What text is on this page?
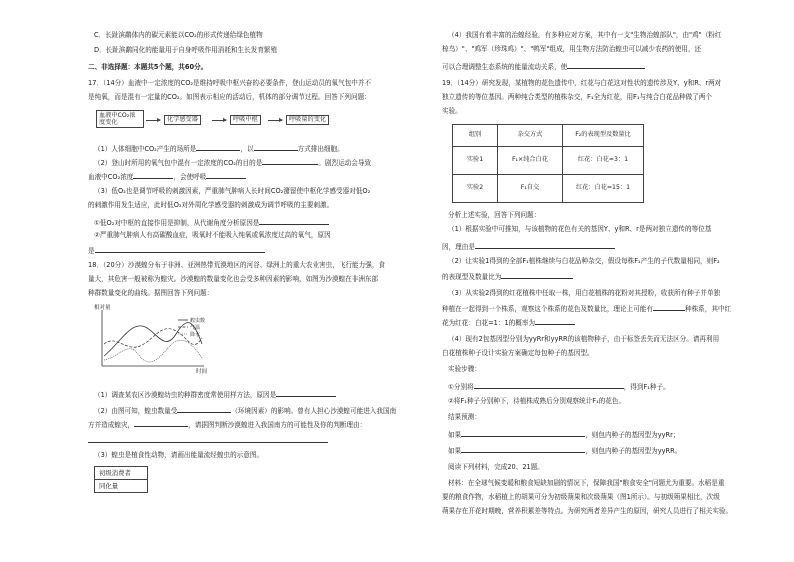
C．长趾滨鹬体内的碳元素能以CO₂的形式传递给绿色植物
D．长趾滨鹬同化的能量用于自身呼吸作用消耗和生长发育繁殖
二、非选择题：本题共5个题，共60分。
17．（14分）血液中一定浓度的CO₂是维持呼吸中枢兴奋的必要条件，登山运动员的氧气包中并不
是纯氧，而是混有一定量的CO₂。如图表示相应的活动后，机体的部分调节过程。回答下列问题：
血液中CO₂浓度变化	化学感受器	呼吸中枢	呼吸量的变化
（1）人体细胞中CO₂产生的场所是	，以	方式排出细胞。
（2）登山时所用的氧气包中混有一定浓度的CO₂的目的是	。剧烈运动会导致
血液中CO₂浓度	，会使呼吸
（3）低O₂也是调节呼吸的刺激因素，严重肺气肿病人长时间CO₂潴留使中枢化学感受器对低O₂
的刺激作用发生适应，此时低O₂对外周化学感受器的刺激成为调节呼吸的主要刺激。
①低O₂对中枢的直接作用是抑制，从代谢角度分析原因是
②严重肺气肿病人有高碳酸血症，吸氧时不能吸入纯氧或氧浓度过高的氧气，原因
是
18．（20分）沙漠蝗分布于非洲、亚洲热带荒漠地区的河谷、绿洲上的重大农业害虫，飞行能力强，食
量大，其危害一般被称为蝗灾。沙漠蝗的数量变化也会受多种因素的影响，如图为沙漠蝗在非洲东部
种群数量变化的曲线。据图回答下列问题：
相对量
时间
蝗虫数
气温
降水
（1）调查某农区沙漠蝗幼虫的种群密度常使用样方法，原因是
（2）由图可知，蝗虫数量受	（环境因素）的影响。曾有人担心沙漠蝗可能进入我国南
方并造成蝗灾，	，请据图判断沙漠蝗进入我国南方的可能性及你的判断理由：
（3）蝗虫是植食性动物，请画出能量流经蝗虫的示意图。
初级消费者
同化量
（4）我国有着丰富的治蝗经验，有多种应对方案，其中有一支"生物治蝗部队"，由"鸡"（粉红
椋鸟）"、"鸡军（珍珠鸡）"、"鸭军"组成，用生物方法防治蝗虫可以减少农药的使用，还
可以合理调整生态系统的能量流动关系，使
19．（14分）研究发现，某植物的花色遗传中，红花与白花这对性状的遗传涉及Y、y和R、r两对
独立遗传的等位基因。两种纯合类型的植株杂交，F₁全为红花，用F₁与纯合白花品种做了两个
实验。
组别	杂交方式	F₂的表现型及数量比
实验1	F₁×纯合白花	红花：白花=3：1
实验2	F₁自交	红花：白花=15：1
分析上述实验，回答下列问题：
（1）根据实验中可推知，与该植物的花色有关的基因Y、y和R、r是两对独立遗传的等位基
因，理由是
（2）让实验1得到的全部F₁植株继续与白花品种杂交，假设每株F₁产生的子代数量相同，则F₂
的表现型及数量比为
（3）从实验2得到的红花植株中任取一株，用白花植株的花粉对其授粉，收获所有种子并单独
种植在一起得到一个株系，观察这个株系的花色及数量比，理论上可能有	种株系，其中红
花为红花：白花=1：1的概率为
（4）现有2包基因型分别为yyRr和yyRR的该植物种子，由于标签丢失而无法区分。请再利用
白花植株种子设计实验方案确定每包种子的基因型。
实验步骤：
①分别将	，得到F₁种子。
②将F₁种子分别种下，待植株成熟后分别观察统计F₁的花色。
结果预测：
如果	，则包内种子的基因型为yyRr；
如果	，则包内种子的基因型为yyRR。
阅读下列材料，完成20、21题。
材料：在全球气候变暖和粮食短缺加剧的情况下，保障我国"粮食安全"问题尤为重要。水稻是重
要的粮食作物，水稻植上的胡果可分为初级蒴果和次级蒴果（图1所示）。与初级蒴果相比，次级
蒴果存在开花时期晚，营养积累差等特点。为研究两者差异产生的原因，研究人员进行了相关实验。
